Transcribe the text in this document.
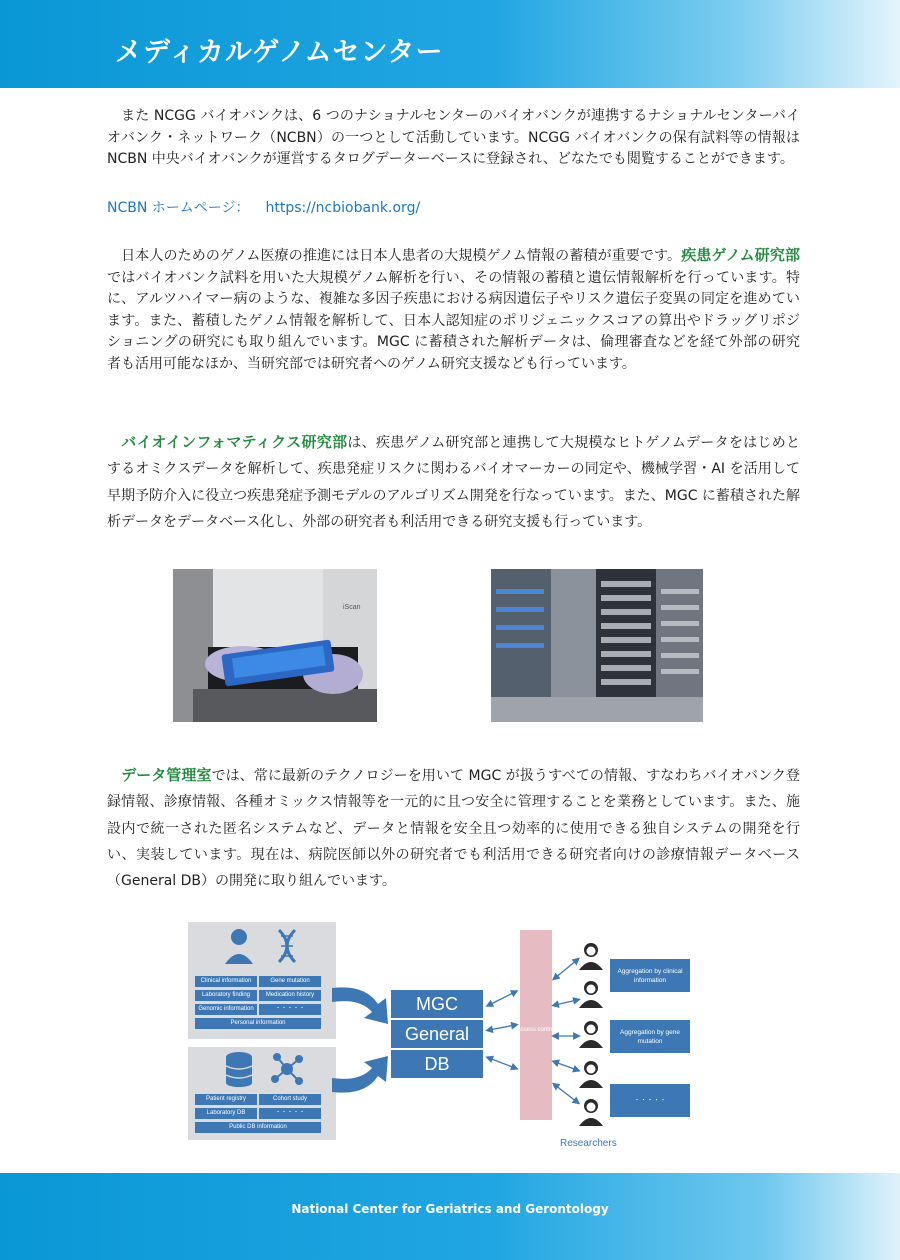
メディカルゲノムセンター
また NCGG バイオバンクは、6 つのナショナルセンターのバイオバンクが連携するナショナルセンターバイオバンク・ネットワーク（NCBN）の一つとして活動しています。NCGG バイオバンクの保有試料等の情報は NCBN 中央バイオバンクが運営するタログデーターベースに登録され、どなたでも閲覧することができます。
NCBN ホームページ： https://ncbiobank.org/
日本人のためのゲノム医療の推進には日本人患者の大規模ゲノム情報の蓄積が重要です。疾患ゲノム研究部ではバイオバンク試料を用いた大規模ゲノム解析を行い、その情報の蓄積と遺伝情報解析を行っています。特に、アルツハイマー病のような、複雑な多因子疾患における病因遺伝子やリスク遺伝子変異の同定を進めています。また、蓄積したゲノム情報を解析して、日本人認知症のポリジェニックスコアの算出やドラッグリポジショニングの研究にも取り組んでいます。MGC に蓄積された解析データは、倫理審査などを経て外部の研究者も活用可能なほか、当研究部では研究者へのゲノム研究支援なども行っています。
バイオインフォマティクス研究部は、疾患ゲノム研究部と連携して大規模なヒトゲノムデータをはじめとするオミクスデータを解析して、疾患発症リスクに関わるバイオマーカーの同定や、機械学習・AI を活用して早期予防介入に役立つ疾患発症予測モデルのアルゴリズム開発を行なっています。また、MGC に蓄積された解析データをデータベース化し、外部の研究者も利活用できる研究支援も行っています。
iScan
データ管理室では、常に最新のテクノロジーを用いて MGC が扱うすべての情報、すなわちバイオバンク登録情報、診療情報、各種オミックス情報等を一元的に且つ安全に管理することを業務としています。また、施設内で統一された匿名システムなど、データと情報を安全且つ効率的に使用できる独自システムの開発を行い、実装しています。現在は、病院医師以外の研究者でも利活用できる研究者向けの診療情報データベース（General DB）の開発に取り組んでいます。
Clinical information	Gene mutation
Laboratory finding	Medication history
Genomic information	・・・・・
Personal information
Patient registry	Cohort study
Laboratory DB	・・・・・
Public DB information
MGC
General
DB
Access control
Aggregation by clinical information
Aggregation by gene mutation
・・・・・
Researchers
National Center for Geriatrics and Gerontology
